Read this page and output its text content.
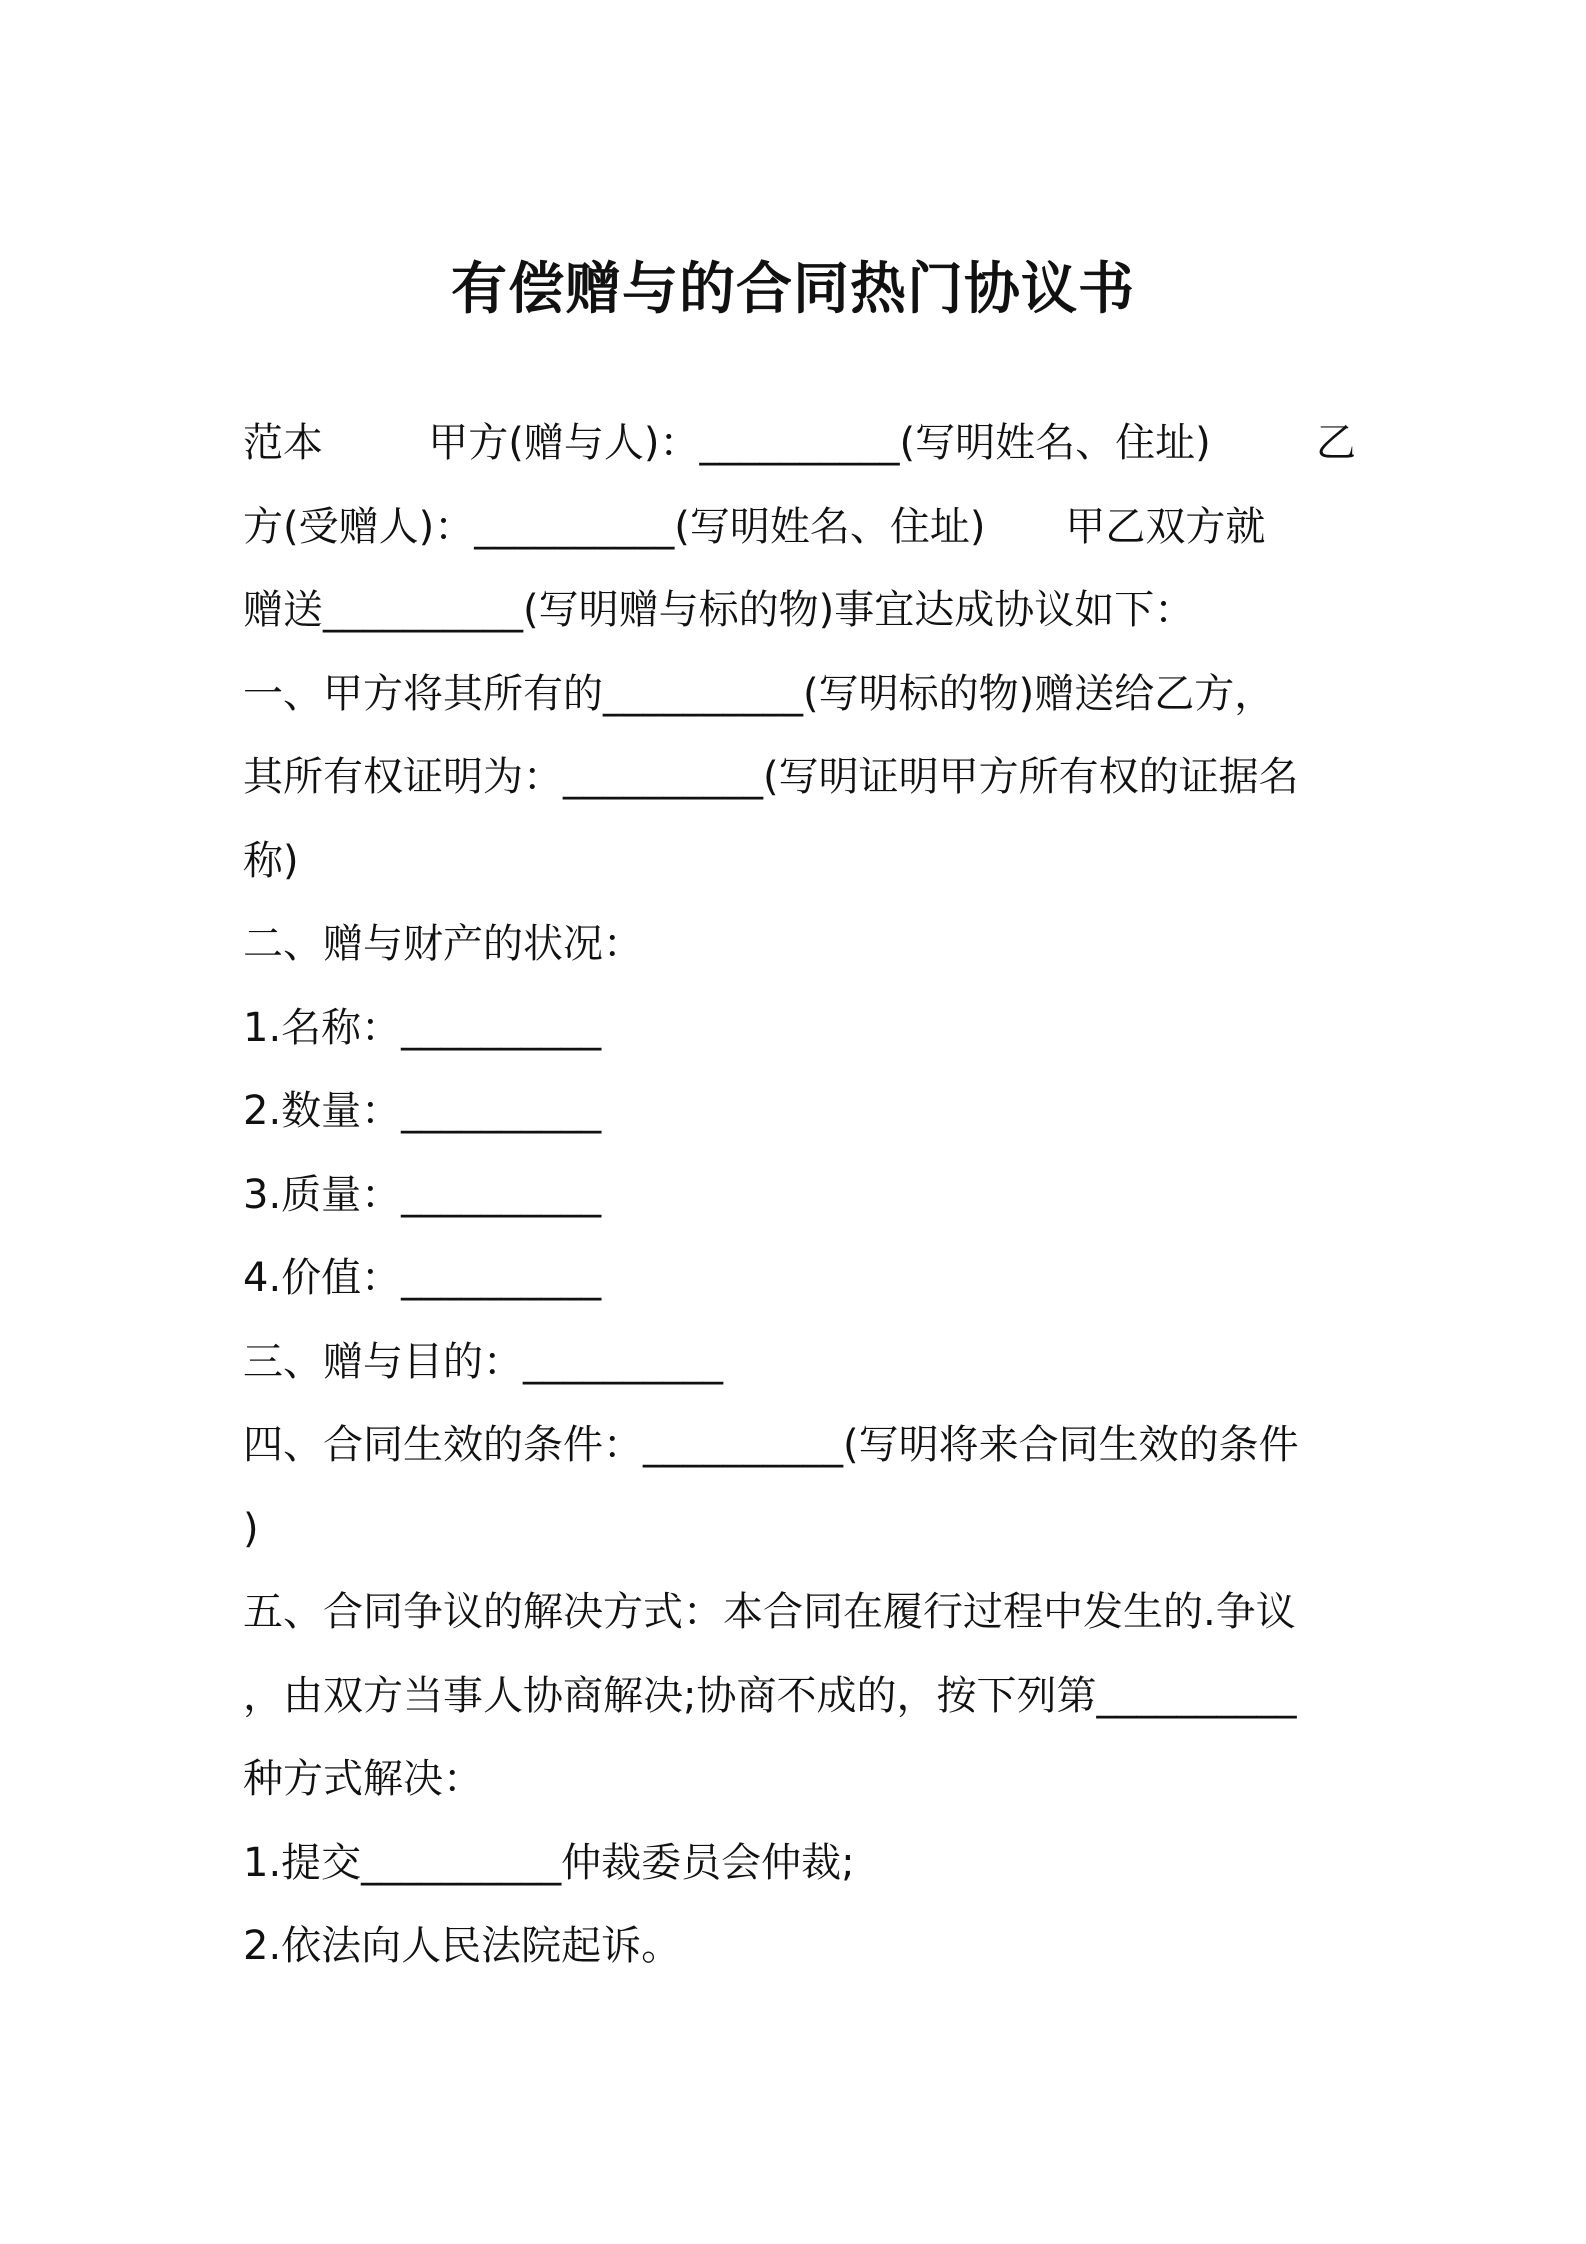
有偿赠与的合同热门协议书
范本	甲方(赠与人)：__________(写明姓名、住址)	乙
方(受赠人)：__________(写明姓名、住址)　　甲乙双方就
赠送__________(写明赠与标的物)事宜达成协议如下：
一、甲方将其所有的__________(写明标的物)赠送给乙方，
其所有权证明为：__________(写明证明甲方所有权的证据名
称)
二、赠与财产的状况：
1.名称：__________
2.数量：__________
3.质量：__________
4.价值：__________
三、赠与目的：__________
四、合同生效的条件：__________(写明将来合同生效的条件
)
五、合同争议的解决方式：本合同在履行过程中发生的.争议
，由双方当事人协商解决;协商不成的，按下列第__________
种方式解决：
1.提交__________仲裁委员会仲裁;
2.依法向人民法院起诉。
